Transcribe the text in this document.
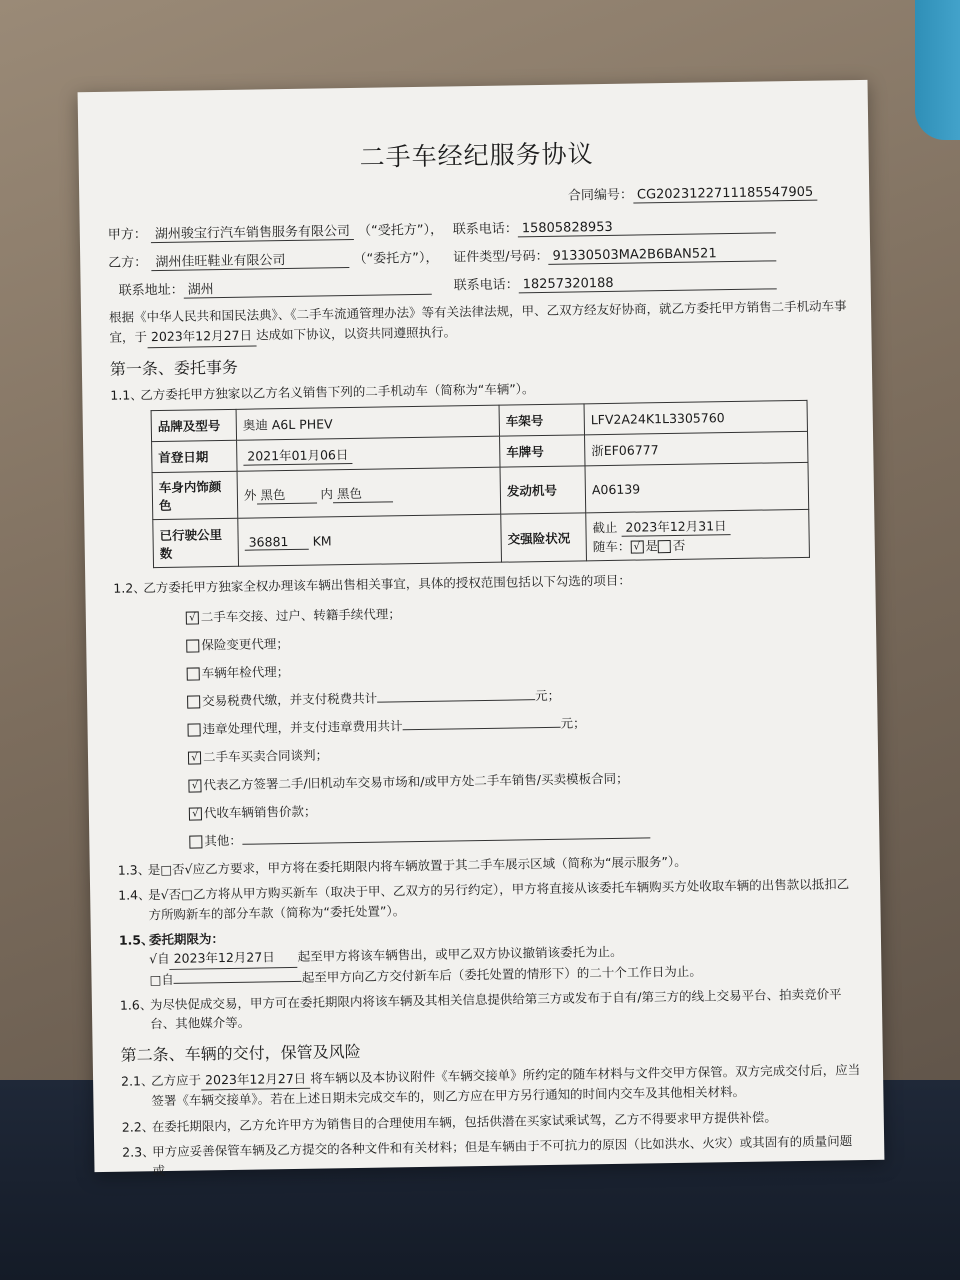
二手车经纪服务协议
合同编号： CG2023122711185547905
甲方： 湖州骏宝行汽车销售服务有限公司 （“受托方”）， 联系电话： 15805828953
乙方： 湖州佳旺鞋业有限公司	（“委托方”），	证件类型/号码： 91330503MA2B6BAN521
联系地址： 湖州	联系电话： 18257320188
根据《中华人民共和国民法典》、《二手车流通管理办法》等有关法律法规，甲、乙双方经友好协商，就乙方委托甲方销售二手机动车事
宜，于 2023年12月27日 达成如下协议，以资共同遵照执行。
第一条、委托事务
1.1、乙方委托甲方独家以乙方名义销售下列的二手机动车（简称为“车辆”）。
品牌及型号	奥迪 A6L PHEV	车架号	LFV2A24K1L3305760
首登日期	2021年01月06日	车牌号	浙EF06777
车身内饰颜色	外 黑色 内 黑色	发动机号	A06139
已行驶公里数	36881 KM	交强险状况	截止 2023年12月31日
随车： √ 是 否
1.2、乙方委托甲方独家全权办理该车辆出售相关事宜，具体的授权范围包括以下勾选的项目：
√ 二手车交接、过户、转籍手续代理；
保险变更代理；
车辆年检代理；
交易税费代缴，并支付税费共计	元；
违章处理代理，并支付违章费用共计	元；
√ 二手车买卖合同谈判；
√ 代表乙方签署二手/旧机动车交易市场和/或甲方处二手车销售/买卖模板合同；
√ 代收车辆销售价款；
其他：
1.3、是□否√应乙方要求，甲方将在委托期限内将车辆放置于其二手车展示区域（简称为“展示服务”）。
1.4、
是√否□乙方将从甲方购买新车（取决于甲、乙双方的另行约定），甲方将直接从该委托车辆购买方处收取车辆的出售款以抵扣乙方所购新车的部分车款（简称为“委托处置”）。
1.5、委托期限为：
√自 2023年12月27日 起至甲方将该车辆售出，或甲乙双方协议撤销该委托为止。
□自	起至甲方向乙方交付新车后（委托处置的情形下）的二十个工作日为止。
1.6、
为尽快促成交易，甲方可在委托期限内将该车辆及其相关信息提供给第三方或发布于自有/第三方的线上交易平台、拍卖竞价平台、其他媒介等。
第二条、车辆的交付，保管及风险
2.1、
乙方应于 2023年12月27日 将车辆以及本协议附件《车辆交接单》所约定的随车材料与文件交甲方保管。双方完成交付后，应当签署《车辆交接单》。若在上述日期未完成交车的，则乙方应在甲方另行通知的时间内交车及其他相关材料。
2.2、
在委托期限内，乙方允许甲方为销售目的合理使用车辆，包括供潜在买家试乘试驾，乙方不得要求甲方提供补偿。
2.3、
甲方应妥善保管车辆及乙方提交的各种文件和有关材料；但是车辆由于不可抗力的原因（比如洪水、火灾）或其固有的质量问题或
